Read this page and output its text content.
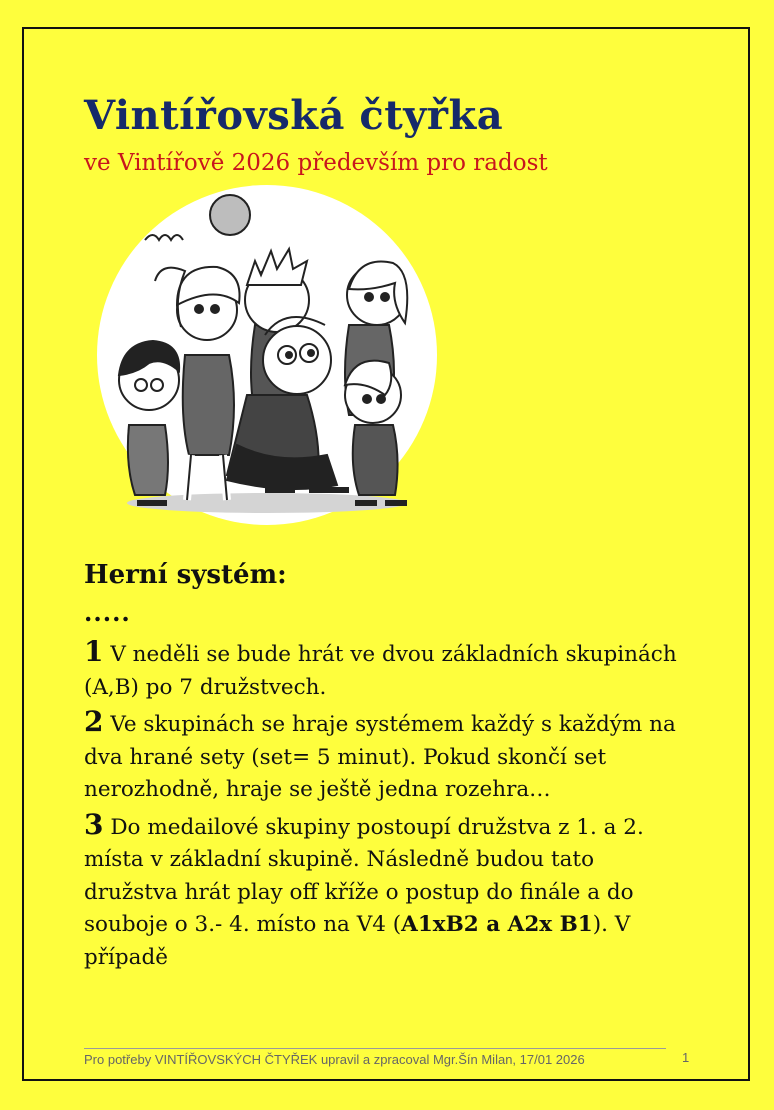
Vintířovská čtyřka

ve Vintířově 2026 především pro radost

Herní systém:
.....

1 V neděli se bude hrát ve dvou základních skupinách (A,B) po 7 družstvech.

2 Ve skupinách se hraje systémem každý s každým na dva hrané sety (set= 5 minut). Pokud skončí set nerozhodně, hraje se ještě jedna rozehra…

3 Do medailové skupiny postoupí družstva z 1. a 2. místa v základní skupině. Následně budou tato družstva hrát play off kříže o postup do finále a do souboje o 3.- 4. místo na V4 (A1xB2 a A2x B1). V případě

Pro potřeby VINTÍŘOVSKÝCH ČTYŘEK upravil a zpracoval Mgr.Šín Milan, 17/01 2026	1
